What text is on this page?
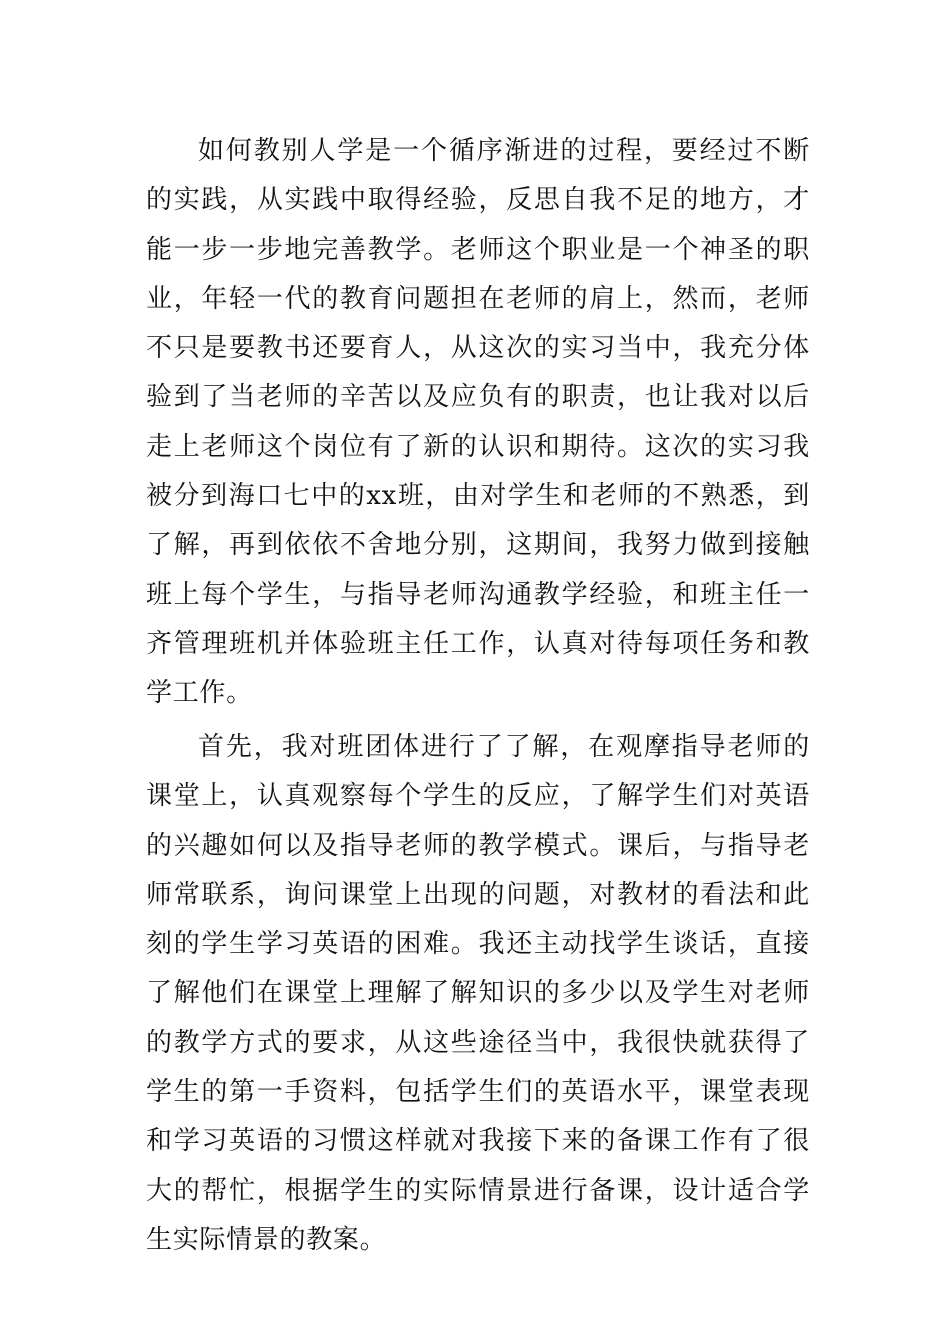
如何教别人学是一个循序渐进的过程，要经过不断的实践，从实践中取得经验，反思自我不足的地方，才能一步一步地完善教学。老师这个职业是一个神圣的职业，年轻一代的教育问题担在老师的肩上，然而，老师不只是要教书还要育人，从这次的实习当中，我充分体验到了当老师的辛苦以及应负有的职责，也让我对以后走上老师这个岗位有了新的认识和期待。这次的实习我被分到海口七中的xx班，由对学生和老师的不熟悉，到了解，再到依依不舍地分别，这期间，我努力做到接触班上每个学生，与指导老师沟通教学经验，和班主任一齐管理班机并体验班主任工作，认真对待每项任务和教学工作。

首先，我对班团体进行了了解，在观摩指导老师的课堂上，认真观察每个学生的反应，了解学生们对英语的兴趣如何以及指导老师的教学模式。课后，与指导老师常联系，询问课堂上出现的问题，对教材的看法和此刻的学生学习英语的困难。我还主动找学生谈话，直接了解他们在课堂上理解了解知识的多少以及学生对老师的教学方式的要求，从这些途径当中，我很快就获得了学生的第一手资料，包括学生们的英语水平，课堂表现和学习英语的习惯这样就对我接下来的备课工作有了很大的帮忙，根据学生的实际情景进行备课，设计适合学生实际情景的教案。
